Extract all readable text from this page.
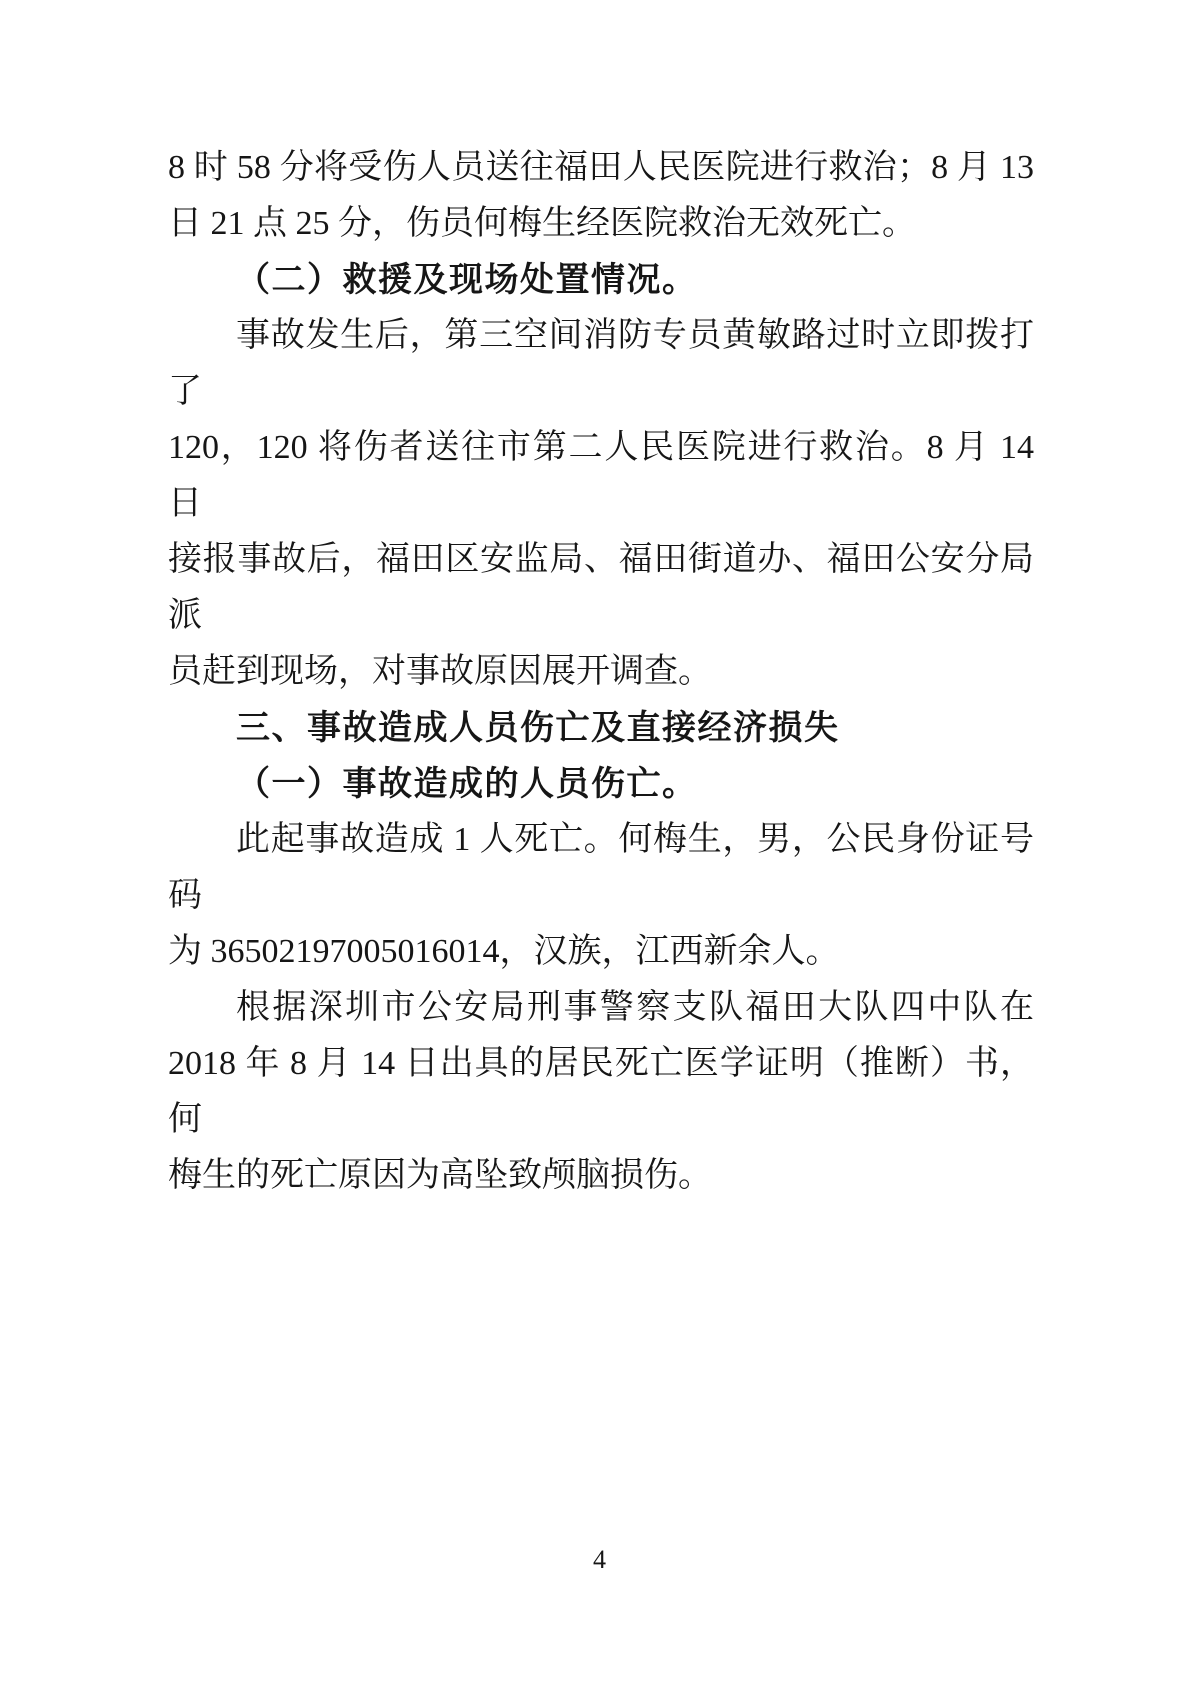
8 时 58 分将受伤人员送往福田人民医院进行救治；8 月 13
日 21 点 25 分，伤员何梅生经医院救治无效死亡。
（二）救援及现场处置情况。
事故发生后，第三空间消防专员黄敏路过时立即拨打了
120，120 将伤者送往市第二人民医院进行救治。8 月 14 日
接报事故后，福田区安监局、福田街道办、福田公安分局派
员赶到现场，对事故原因展开调查。
三、事故造成人员伤亡及直接经济损失
（一）事故造成的人员伤亡。
此起事故造成 1 人死亡。何梅生，男，公民身份证号码
为 36502197005016014，汉族，江西新余人。
根据深圳市公安局刑事警察支队福田大队四中队在
2018 年 8 月 14 日出具的居民死亡医学证明（推断）书，何
梅生的死亡原因为高坠致颅脑损伤。
4
